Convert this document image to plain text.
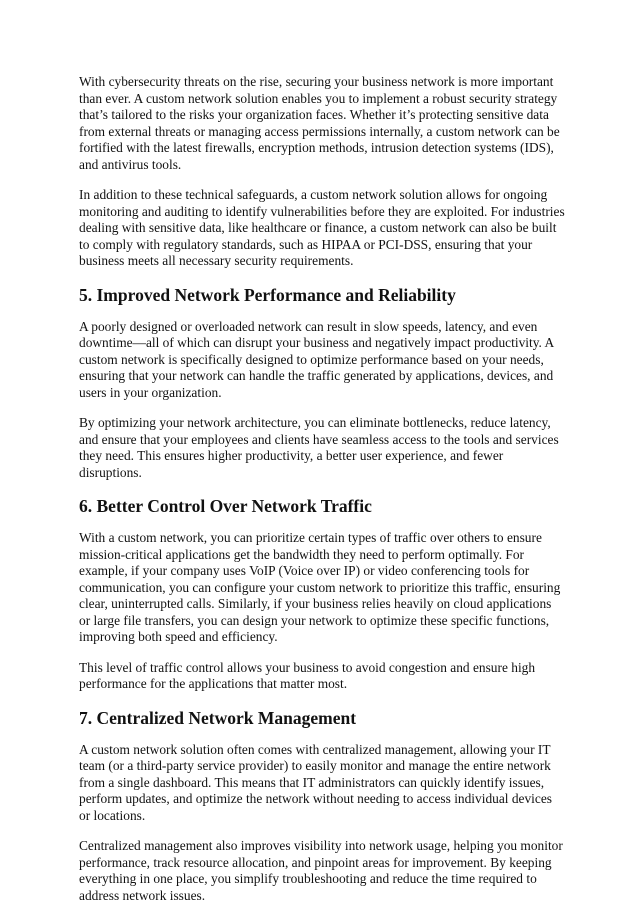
With cybersecurity threats on the rise, securing your business network is more important than ever. A custom network solution enables you to implement a robust security strategy that’s tailored to the risks your organization faces. Whether it’s protecting sensitive data from external threats or managing access permissions internally, a custom network can be fortified with the latest firewalls, encryption methods, intrusion detection systems (IDS), and antivirus tools.

In addition to these technical safeguards, a custom network solution allows for ongoing monitoring and auditing to identify vulnerabilities before they are exploited. For industries dealing with sensitive data, like healthcare or finance, a custom network can also be built to comply with regulatory standards, such as HIPAA or PCI-DSS, ensuring that your business meets all necessary security requirements.

5. Improved Network Performance and Reliability

A poorly designed or overloaded network can result in slow speeds, latency, and even downtime—all of which can disrupt your business and negatively impact productivity. A custom network is specifically designed to optimize performance based on your needs, ensuring that your network can handle the traffic generated by applications, devices, and users in your organization.

By optimizing your network architecture, you can eliminate bottlenecks, reduce latency, and ensure that your employees and clients have seamless access to the tools and services they need. This ensures higher productivity, a better user experience, and fewer disruptions.

6. Better Control Over Network Traffic

With a custom network, you can prioritize certain types of traffic over others to ensure mission-critical applications get the bandwidth they need to perform optimally. For example, if your company uses VoIP (Voice over IP) or video conferencing tools for communication, you can configure your custom network to prioritize this traffic, ensuring clear, uninterrupted calls. Similarly, if your business relies heavily on cloud applications or large file transfers, you can design your network to optimize these specific functions, improving both speed and efficiency.

This level of traffic control allows your business to avoid congestion and ensure high performance for the applications that matter most.

7. Centralized Network Management

A custom network solution often comes with centralized management, allowing your IT team (or a third-party service provider) to easily monitor and manage the entire network from a single dashboard. This means that IT administrators can quickly identify issues, perform updates, and optimize the network without needing to access individual devices or locations.

Centralized management also improves visibility into network usage, helping you monitor performance, track resource allocation, and pinpoint areas for improvement. By keeping everything in one place, you simplify troubleshooting and reduce the time required to address network issues.
